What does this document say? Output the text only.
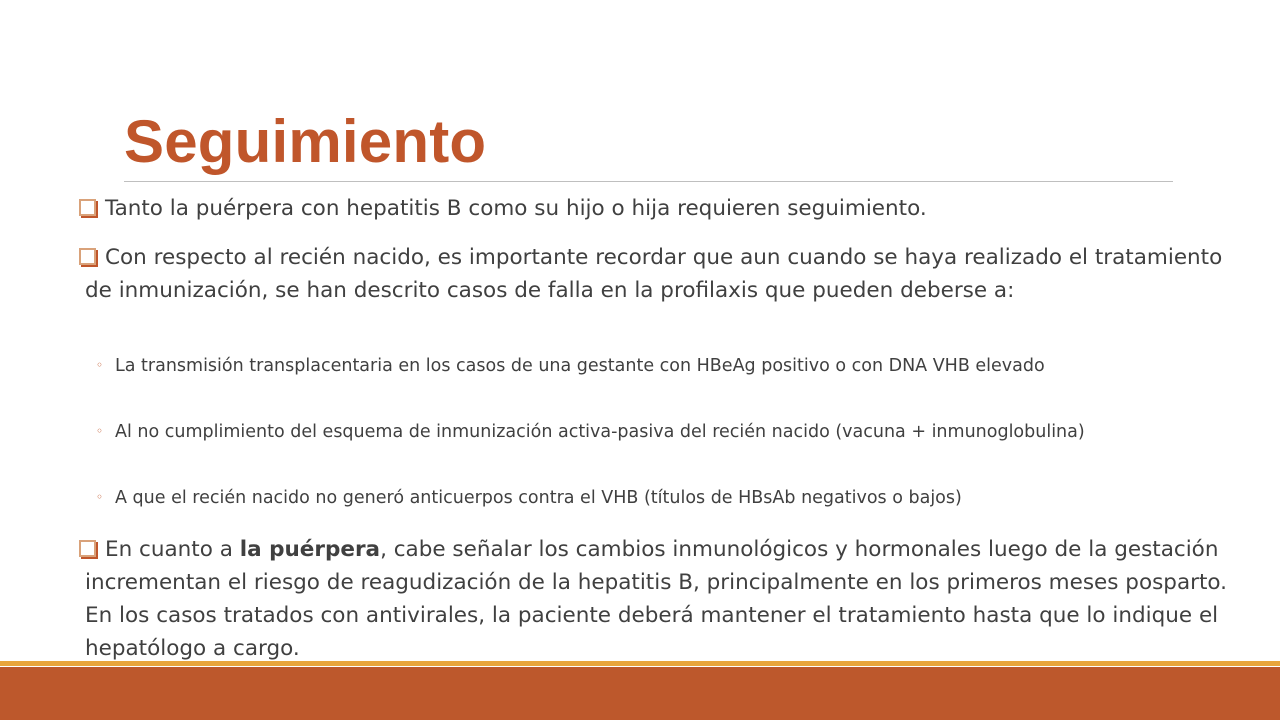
Seguimiento
Tanto la puérpera con hepatitis B como su hijo o hija requieren seguimiento.
Con respecto al recién nacido, es importante recordar que aun cuando se haya realizado el tratamiento de inmunización, se han descrito casos de falla en la profilaxis que pueden deberse a:
◦ La transmisión transplacentaria en los casos de una gestante con HBeAg positivo o con DNA VHB elevado
◦ Al no cumplimiento del esquema de inmunización activa-pasiva del recién nacido (vacuna + inmunoglobulina)
◦ A que el recién nacido no generó anticuerpos contra el VHB (títulos de HBsAb negativos o bajos)
En cuanto a la puérpera, cabe señalar los cambios inmunológicos y hormonales luego de la gestación incrementan el riesgo de reagudización de la hepatitis B, principalmente en los primeros meses posparto. En los casos tratados con antivirales, la paciente deberá mantener el tratamiento hasta que lo indique el hepatólogo a cargo.
